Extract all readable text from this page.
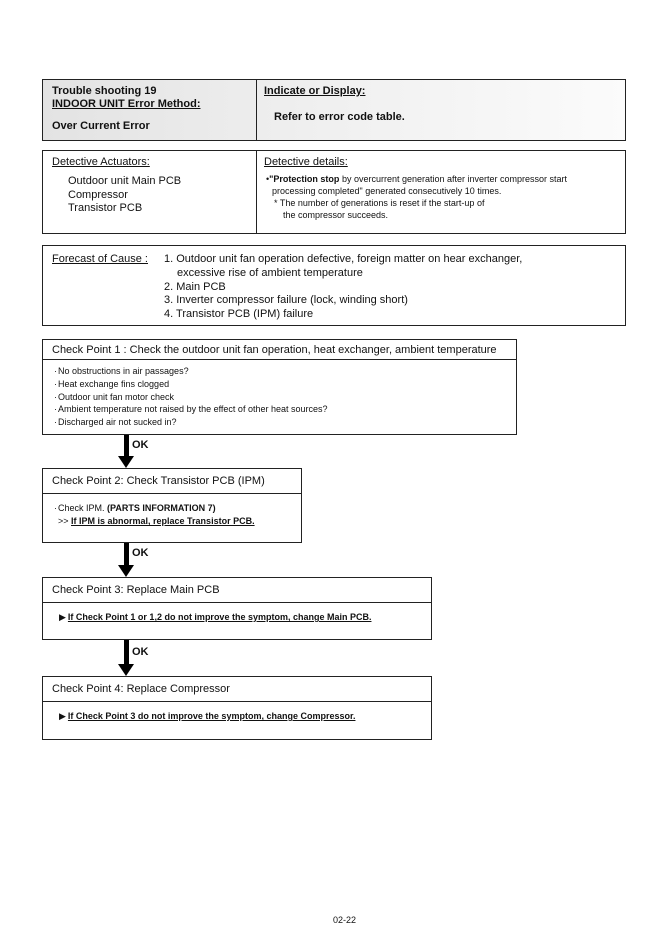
Trouble shooting 19
INDOOR UNIT Error Method:
Over Current Error
Indicate or Display:
Refer to error code table.
Detective Actuators:
Outdoor unit Main PCB
Compressor
Transistor PCB
Detective details:
•"Protection stop by overcurrent generation after inverter compressor start
processing completed" generated consecutively 10 times.
* The number of generations is reset if the start-up of
the compressor succeeds.
Forecast of Cause :	1. Outdoor unit fan operation defective, foreign matter on hear exchanger,
excessive rise of ambient temperature
2. Main PCB
3. Inverter compressor failure (lock, winding short)
4. Transistor PCB (IPM) failure
Check Point 1 : Check the outdoor unit fan operation, heat exchanger, ambient temperature
·No obstructions in air passages?
·Heat exchange fins clogged
·Outdoor unit fan motor check
·Ambient temperature not raised by the effect of other heat sources?
·Discharged air not sucked in?
OK
Check Point 2: Check Transistor PCB (IPM)
·Check IPM. (PARTS INFORMATION 7)
>> If IPM is abnormal, replace Transistor PCB.
OK
Check Point 3: Replace Main PCB
▶ If Check Point 1 or 1,2 do not improve the symptom, change Main PCB.
OK
Check Point 4: Replace Compressor
▶ If Check Point 3 do not improve the symptom, change Compressor.
02-22
